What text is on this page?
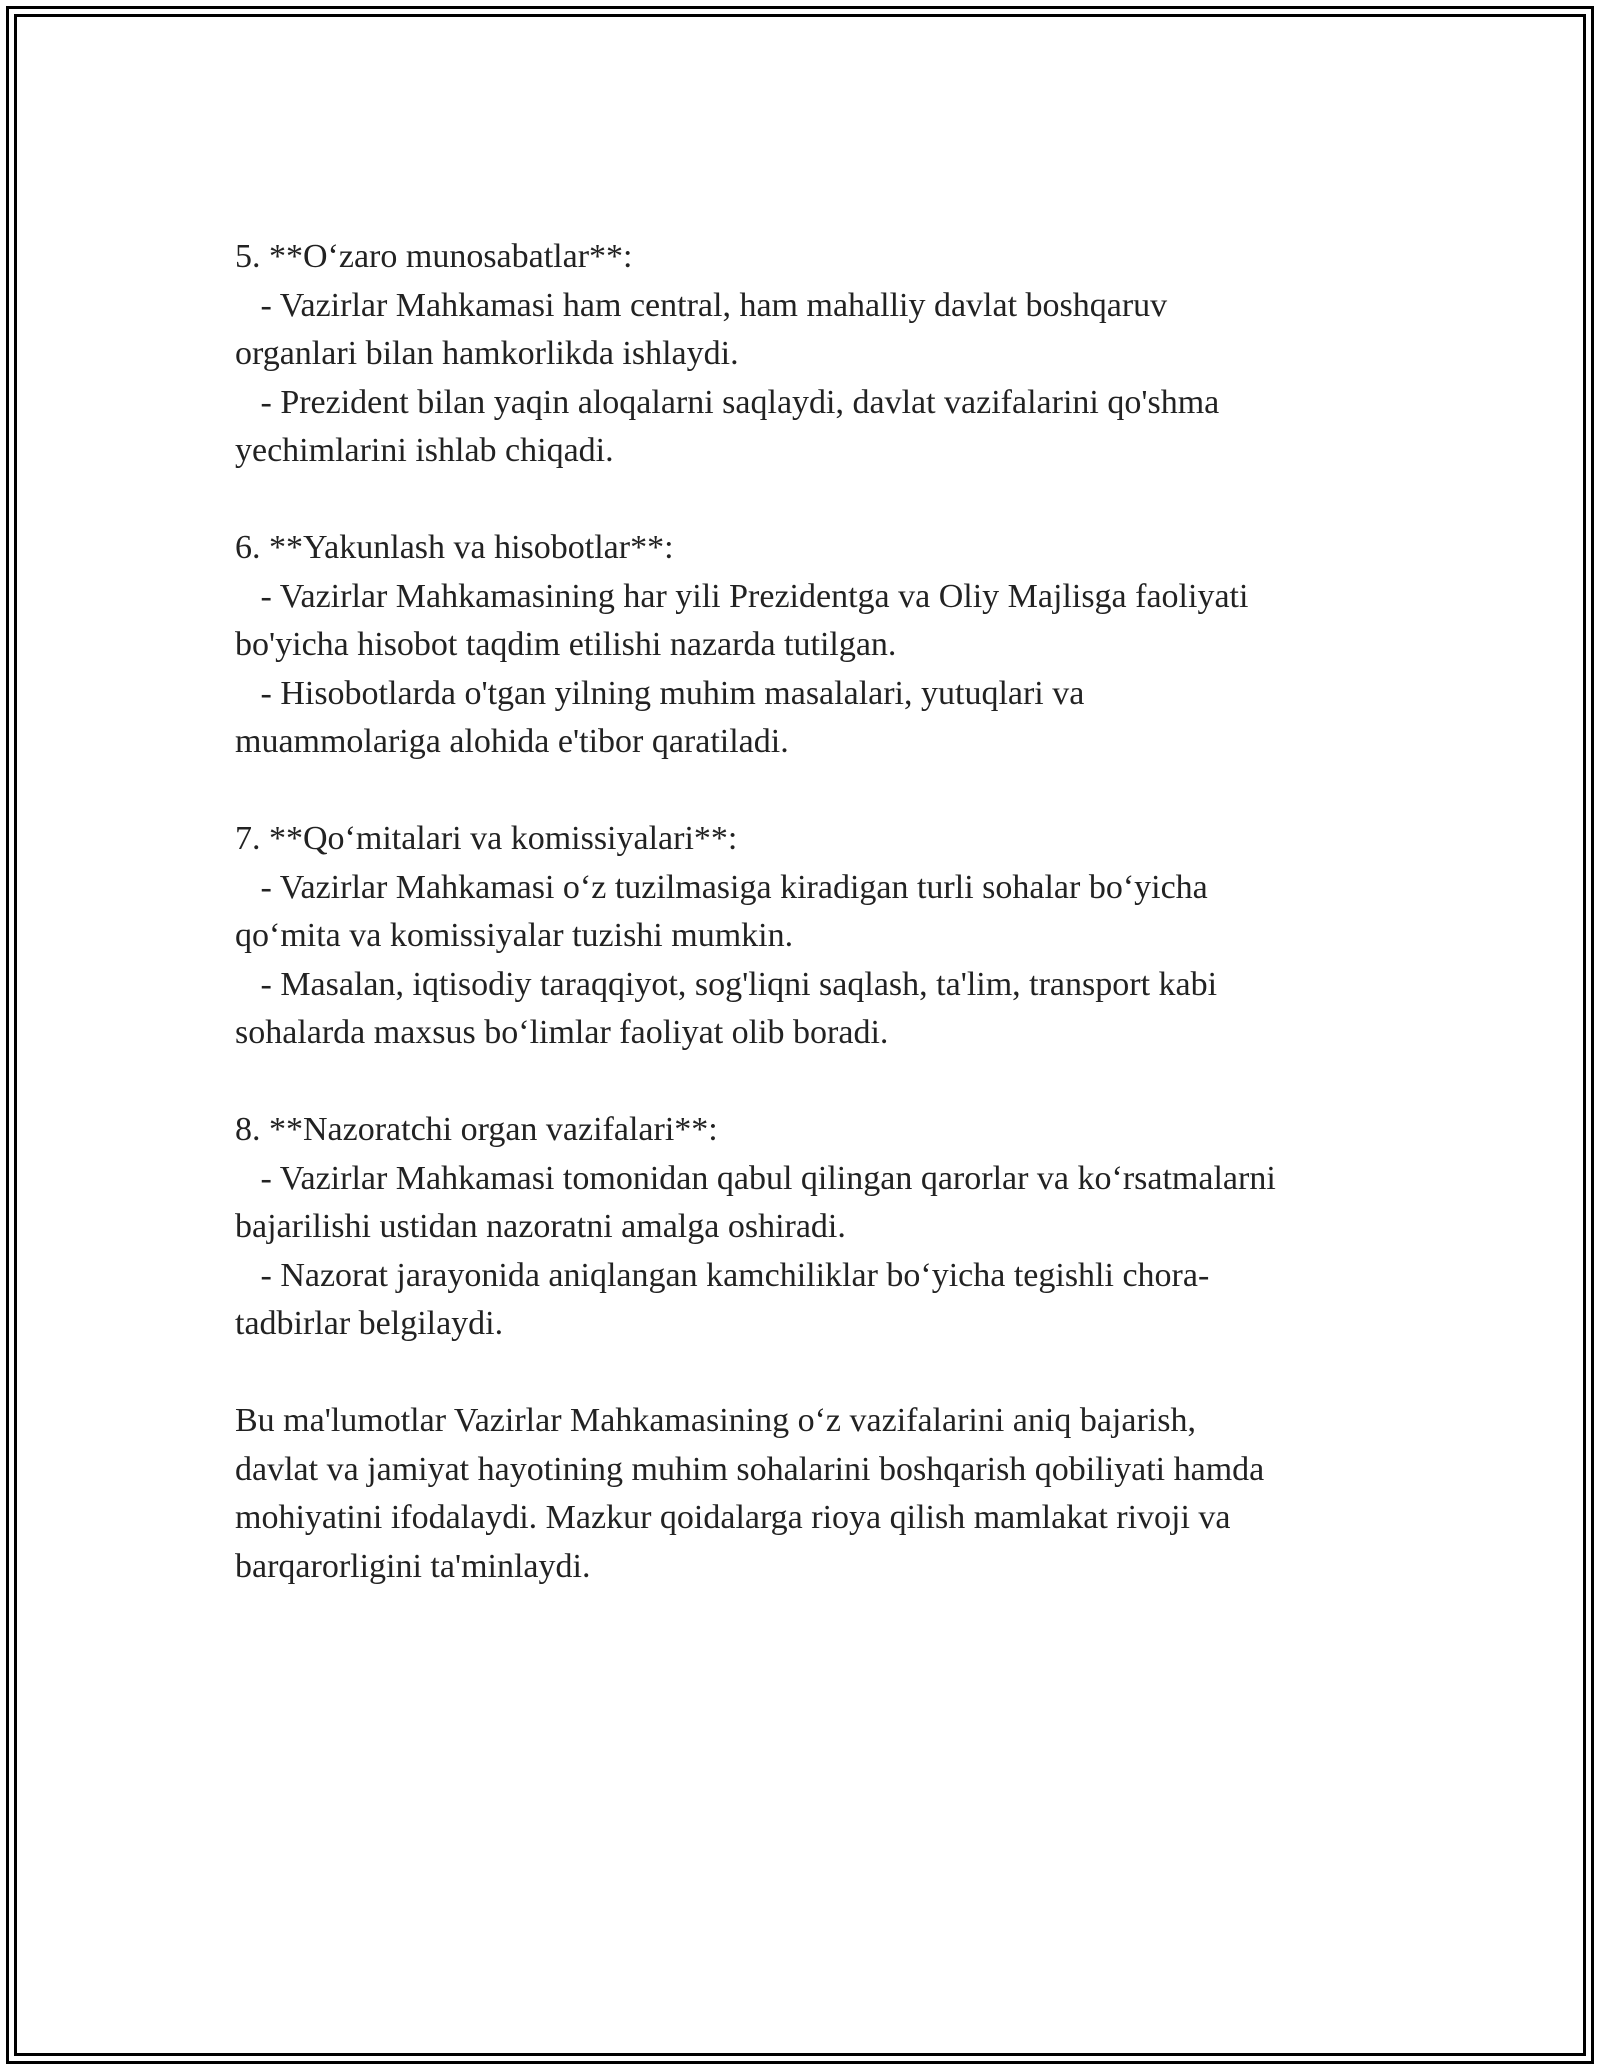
5. **O‘zaro munosabatlar**:
- Vazirlar Mahkamasi ham central, ham mahalliy davlat boshqaruv
organlari bilan hamkorlikda ishlaydi.
- Prezident bilan yaqin aloqalarni saqlaydi, davlat vazifalarini qo'shma
yechimlarini ishlab chiqadi.
6. **Yakunlash va hisobotlar**:
- Vazirlar Mahkamasining har yili Prezidentga va Oliy Majlisga faoliyati
bo'yicha hisobot taqdim etilishi nazarda tutilgan.
- Hisobotlarda o'tgan yilning muhim masalalari, yutuqlari va
muammolariga alohida e'tibor qaratiladi.
7. **Qo‘mitalari va komissiyalari**:
- Vazirlar Mahkamasi o‘z tuzilmasiga kiradigan turli sohalar bo‘yicha
qo‘mita va komissiyalar tuzishi mumkin.
- Masalan, iqtisodiy taraqqiyot, sog'liqni saqlash, ta'lim, transport kabi
sohalarda maxsus bo‘limlar faoliyat olib boradi.
8. **Nazoratchi organ vazifalari**:
- Vazirlar Mahkamasi tomonidan qabul qilingan qarorlar va ko‘rsatmalarni
bajarilishi ustidan nazoratni amalga oshiradi.
- Nazorat jarayonida aniqlangan kamchiliklar bo‘yicha tegishli chora-
tadbirlar belgilaydi.
Bu ma'lumotlar Vazirlar Mahkamasining o‘z vazifalarini aniq bajarish,
davlat va jamiyat hayotining muhim sohalarini boshqarish qobiliyati hamda
mohiyatini ifodalaydi. Mazkur qoidalarga rioya qilish mamlakat rivoji va
barqarorligini ta'minlaydi.
